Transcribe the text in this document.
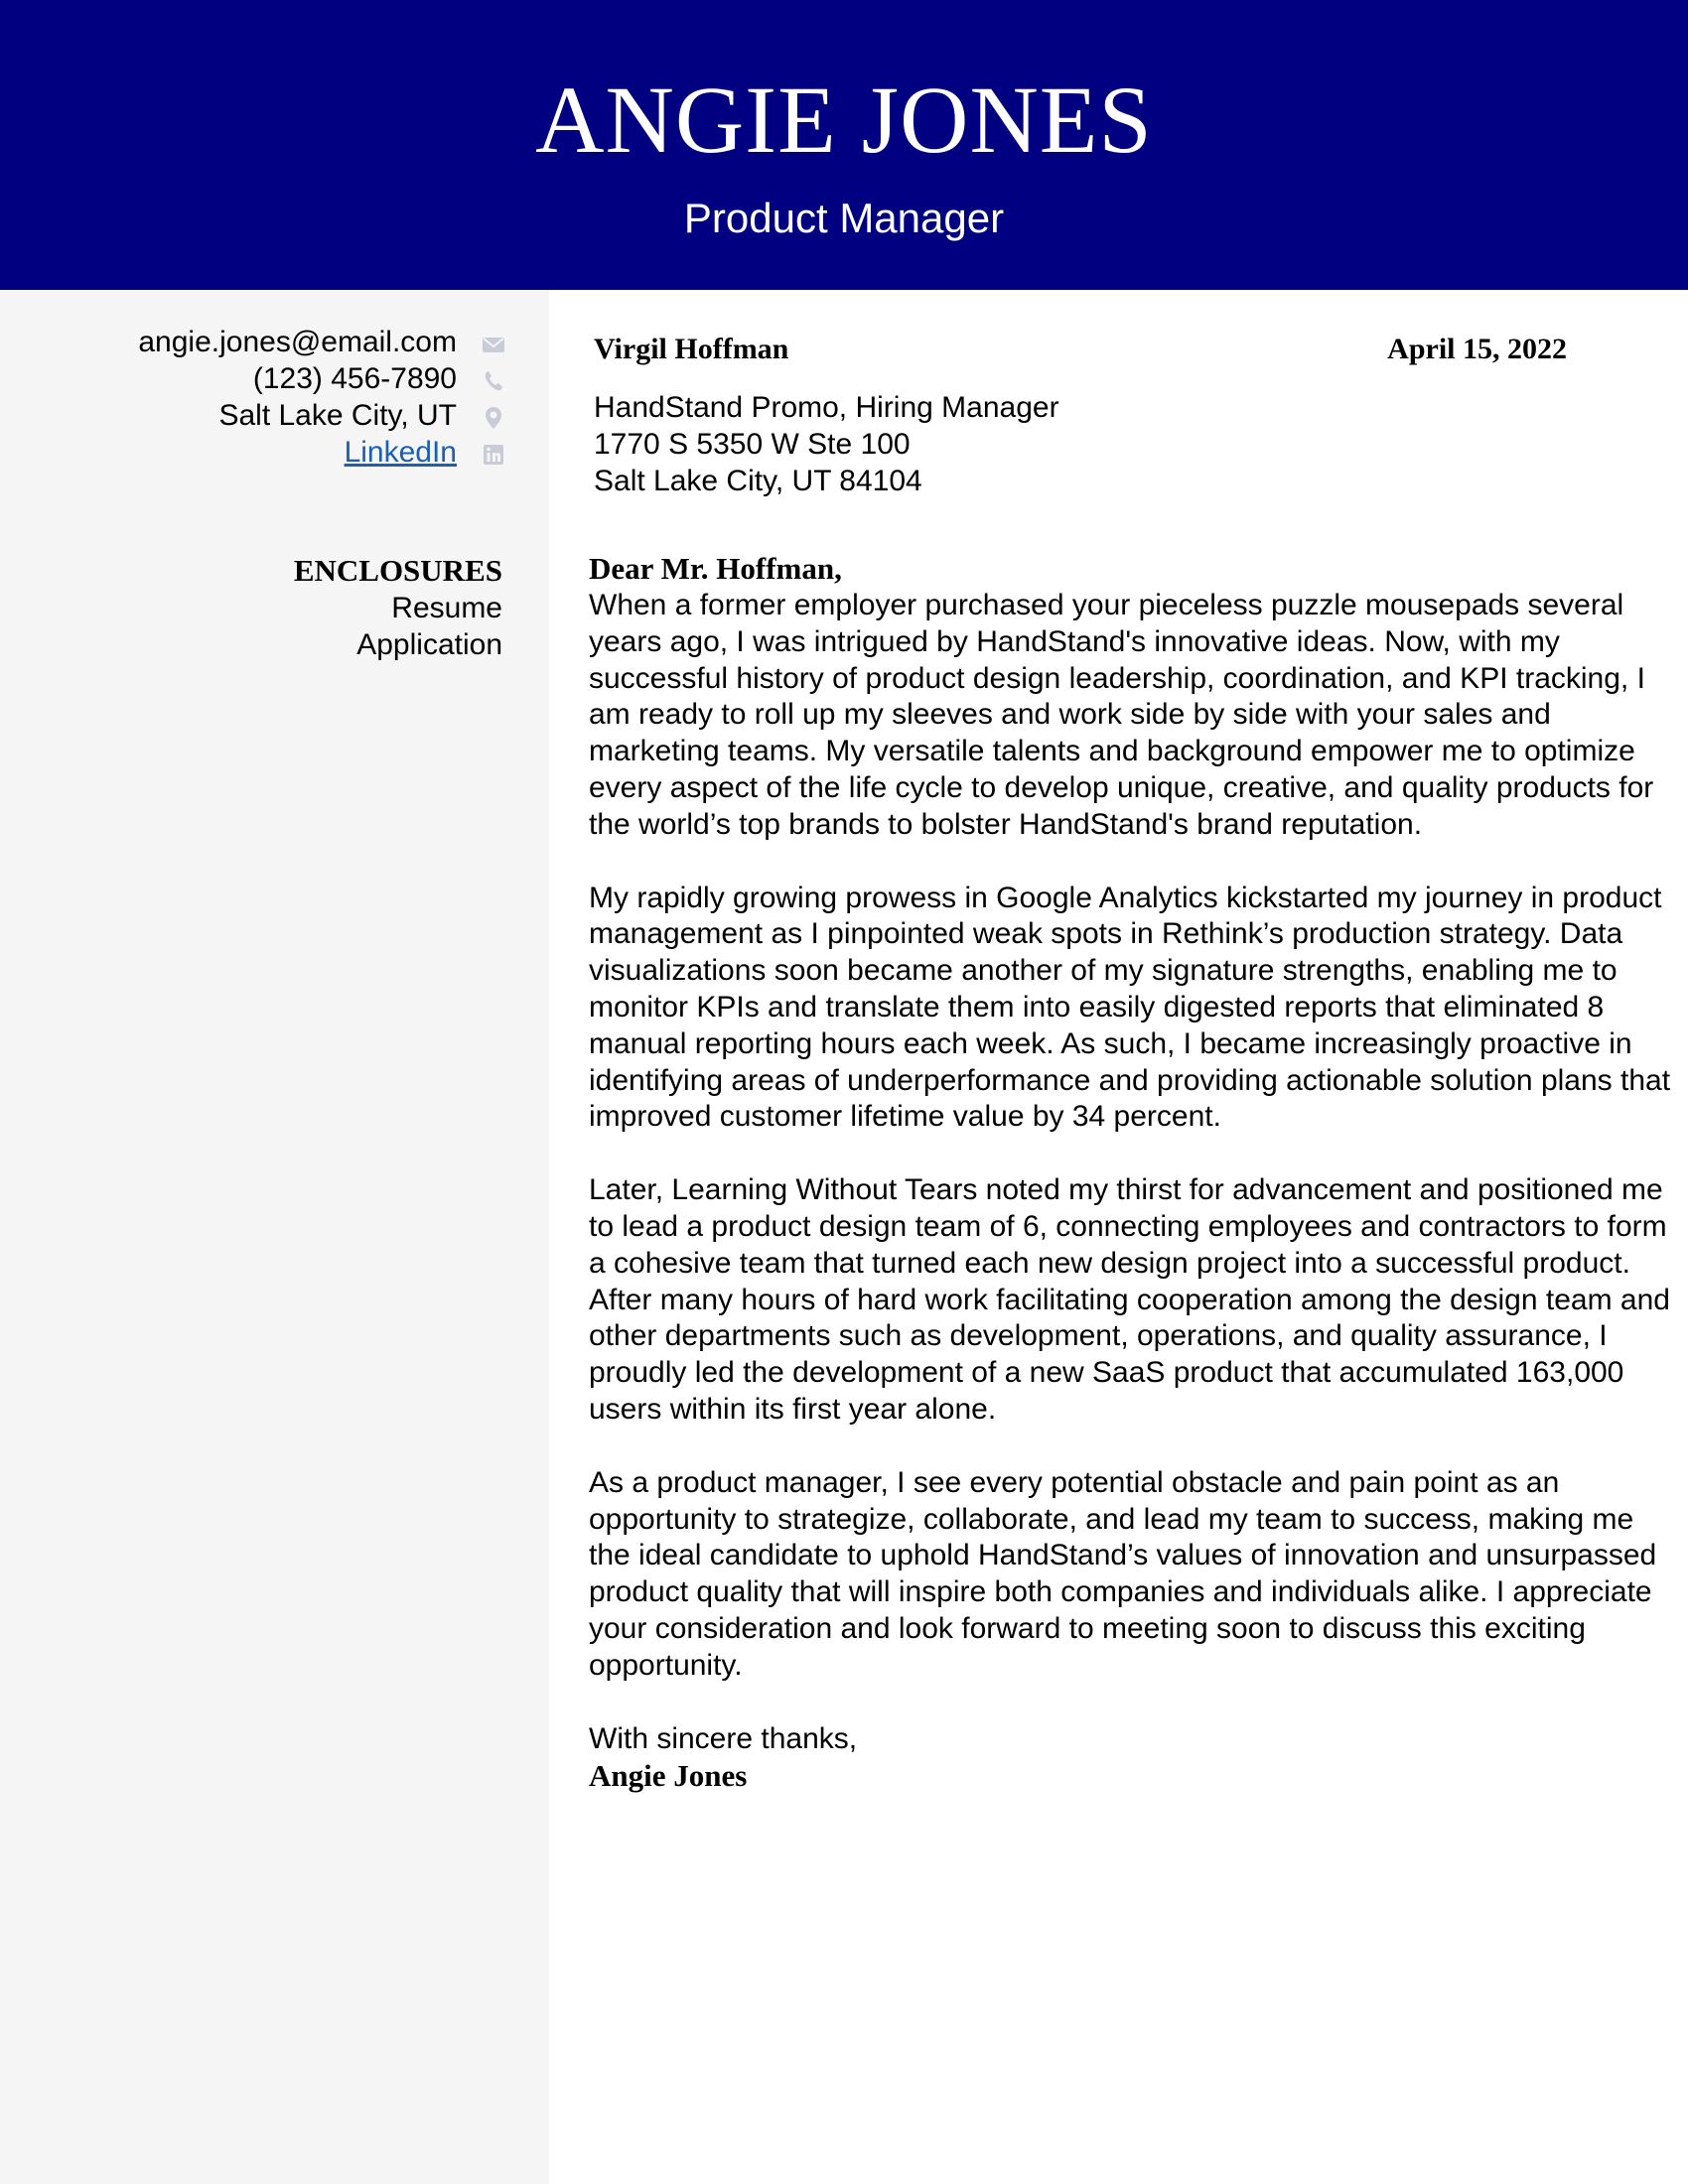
ANGIE JONES
Product Manager
angie.jones@email.com
(123) 456-7890
Salt Lake City, UT
LinkedIn
ENCLOSURES
Resume
Application
Virgil Hoffman	April 15, 2022
HandStand Promo, Hiring Manager
1770 S 5350 W Ste 100
Salt Lake City, UT 84104
Dear Mr. Hoffman,

When a former employer purchased your pieceless puzzle mousepads several years ago, I was intrigued by HandStand's innovative ideas. Now, with my successful history of product design leadership, coordination, and KPI tracking, I am ready to roll up my sleeves and work side by side with your sales and marketing teams. My versatile talents and background empower me to optimize every aspect of the life cycle to develop unique, creative, and quality products for the world’s top brands to bolster HandStand's brand reputation.

My rapidly growing prowess in Google Analytics kickstarted my journey in product management as I pinpointed weak spots in Rethink’s production strategy. Data visualizations soon became another of my signature strengths, enabling me to monitor KPIs and translate them into easily digested reports that eliminated 8 manual reporting hours each week. As such, I became increasingly proactive in identifying areas of underperformance and providing actionable solution plans that improved customer lifetime value by 34 percent.

Later, Learning Without Tears noted my thirst for advancement and positioned me to lead a product design team of 6, connecting employees and contractors to form a cohesive team that turned each new design project into a successful product. After many hours of hard work facilitating cooperation among the design team and other departments such as development, operations, and quality assurance, I proudly led the development of a new SaaS product that accumulated 163,000 users within its first year alone.

As a product manager, I see every potential obstacle and pain point as an opportunity to strategize, collaborate, and lead my team to success, making me the ideal candidate to uphold HandStand’s values of innovation and unsurpassed product quality that will inspire both companies and individuals alike. I appreciate your consideration and look forward to meeting soon to discuss this exciting opportunity.

With sincere thanks,
Angie Jones
